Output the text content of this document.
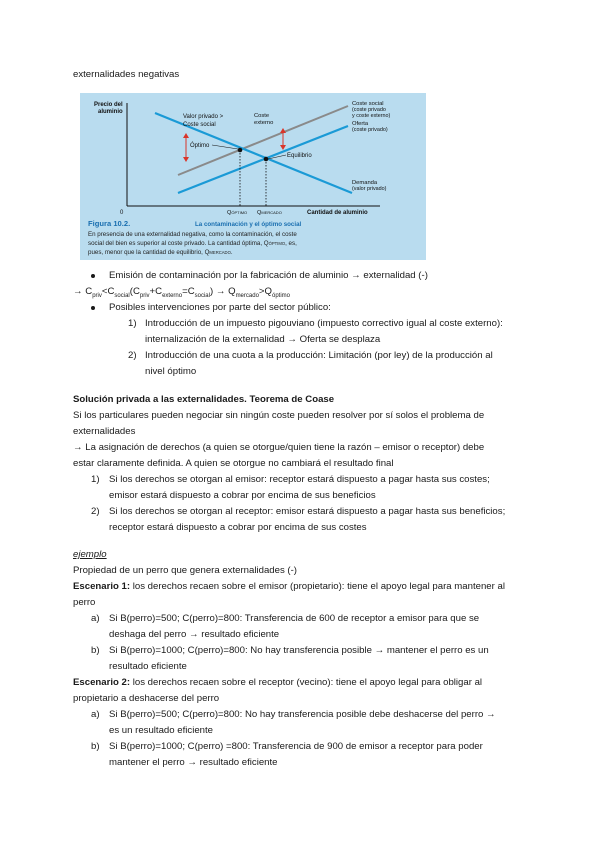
externalidades negativas
Precio del
aluminio
0	Cantidad de aluminio
Valor privado >
Coste social
Óptimo
Coste
externo
Equilibrio
Coste social
(coste privado
y coste externo)
Oferta
(coste privado)
Demanda
(valor privado)
QÓPTIMO QMERCADO
Figura 10.2.	La contaminación y el óptimo social
En presencia de una externalidad negativa, como la contaminación, el coste
social del bien es superior al coste privado. La cantidad óptima, QÓPTIMO, es,
pues, menor que la cantidad de equilibrio, QMERCADO.
Emisión de contaminación por la fabricación de aluminio → externalidad (-)
→ $C_{priv}<C_{social}(C_{priv}+C_{externo}=C_{social}) \to Q_{mercado}>Q_{óptimo}$
Posibles intervenciones por parte del sector público:
1) Introducción de un impuesto pigouviano (impuesto correctivo igual al coste externo):
internalización de la externalidad → Oferta se desplaza
2) Introducción de una cuota a la producción: Limitación (por ley) de la producción al
nivel óptimo
Solución privada a las externalidades. Teorema de Coase
Si los particulares pueden negociar sin ningún coste pueden resolver por sí solos el problema de
externalidades
→ La asignación de derechos (a quien se otorgue/quien tiene la razón – emisor o receptor) debe
estar claramente definida. A quien se otorgue no cambiará el resultado final
1) Si los derechos se otorgan al emisor: receptor estará dispuesto a pagar hasta sus costes;
emisor estará dispuesto a cobrar por encima de sus beneficios
2) Si los derechos se otorgan al receptor: emisor estará dispuesto a pagar hasta sus beneficios;
receptor estará dispuesto a cobrar por encima de sus costes
ejemplo
Propiedad de un perro que genera externalidades (-)
Escenario 1: los derechos recaen sobre el emisor (propietario): tiene el apoyo legal para mantener al
perro
a) Si B(perro)=500; C(perro)=800: Transferencia de 600 de receptor a emisor para que se
deshaga del perro → resultado eficiente
b) Si B(perro)=1000; C(perro)=800: No hay transferencia posible → mantener el perro es un
resultado eficiente
Escenario 2: los derechos recaen sobre el receptor (vecino): tiene el apoyo legal para obligar al
propietario a deshacerse del perro
a) Si B(perro)=500; C(perro)=800: No hay transferencia posible debe deshacerse del perro →
es un resultado eficiente
b) Si B(perro)=1000; C(perro) =800: Transferencia de 900 de emisor a receptor para poder
mantener el perro → resultado eficiente
